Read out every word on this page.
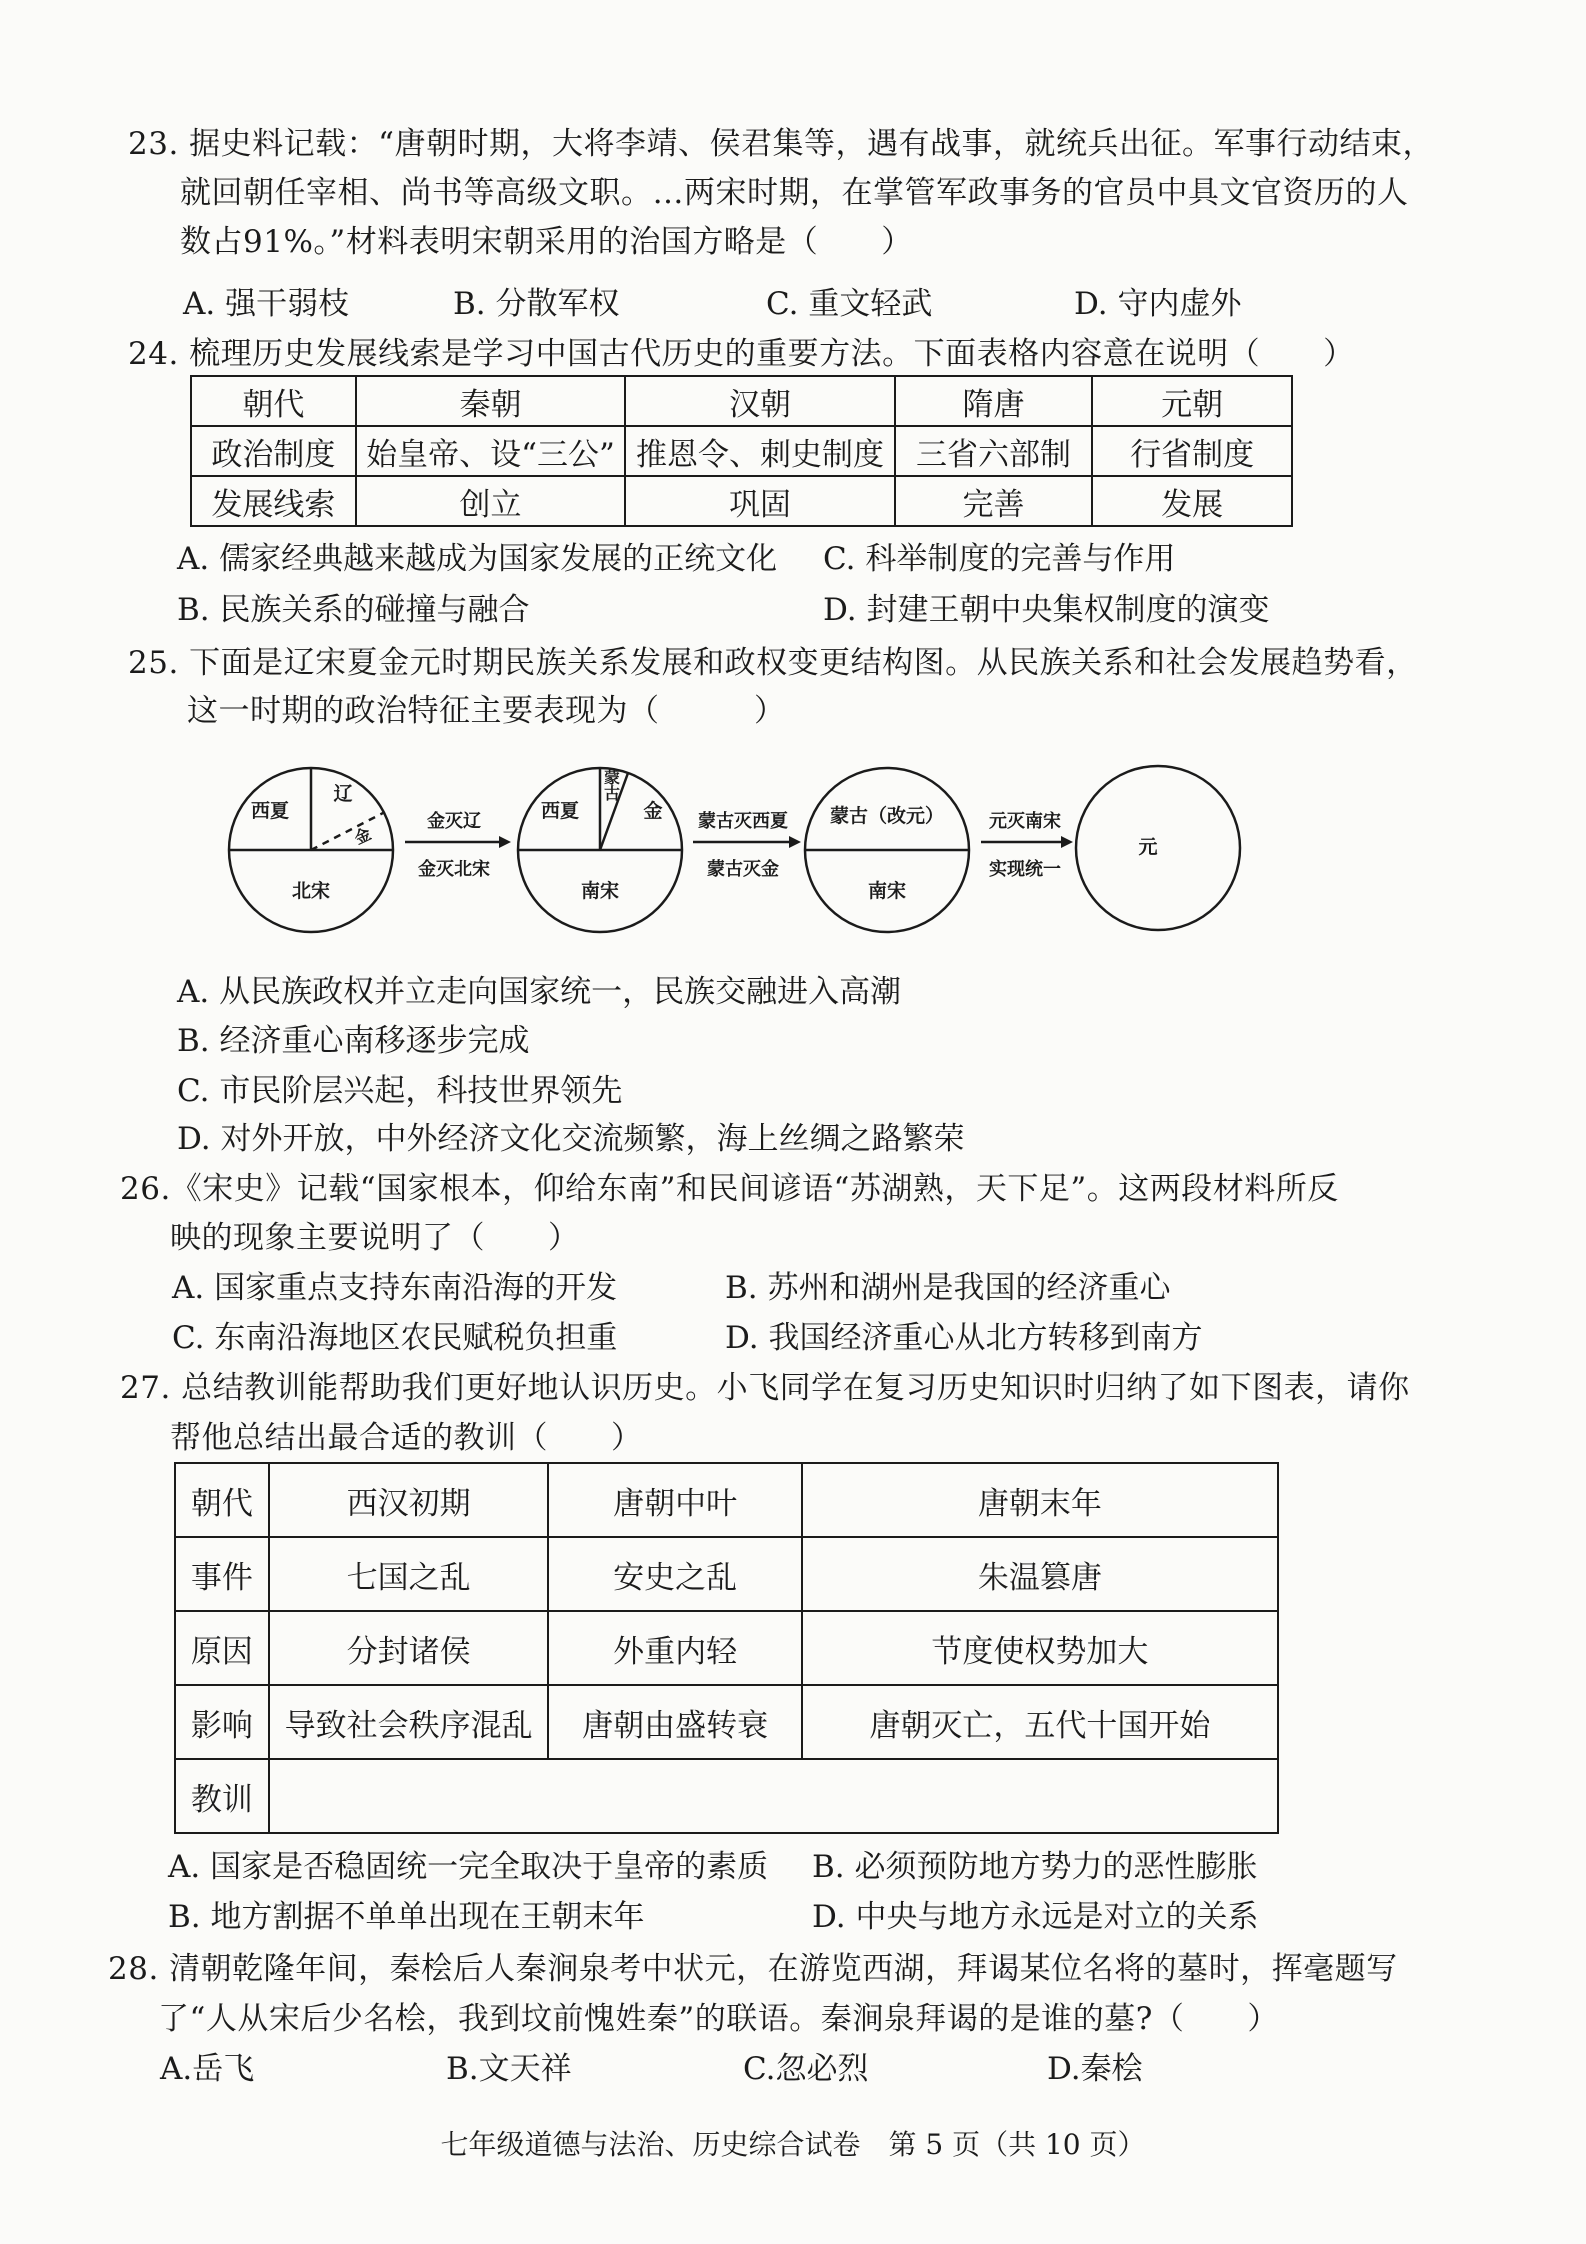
23. 据史料记载：“唐朝时期，大将李靖、侯君集等，遇有战事，就统兵出征。军事行动结束，
就回朝任宰相、尚书等高级文职。…两宋时期，在掌管军政事务的官员中具文官资历的人
数占91%。”材料表明宋朝采用的治国方略是（　　）
A. 强干弱枝	B. 分散军权	C. 重文轻武	D. 守内虚外
24. 梳理历史发展线索是学习中国古代历史的重要方法。下面表格内容意在说明（　　）
朝代	秦朝	汉朝	隋唐	元朝
政治制度	始皇帝、设“三公”	推恩令、刺史制度	三省六部制	行省制度
发展线索	创立	巩固	完善	发展
A. 儒家经典越来越成为国家发展的正统文化 C. 科举制度的完善与作用
B. 民族关系的碰撞与融合	D. 封建王朝中央集权制度的演变
25. 下面是辽宋夏金元时期民族关系发展和政权变更结构图。从民族关系和社会发展趋势看，
这一时期的政治特征主要表现为（　　　）
西夏
辽
金
北宋
金灭辽
金灭北宋
西夏
蒙古
金
南宋
蒙古灭西夏
蒙古灭金
蒙古（改元）
南宋
元灭南宋
实现统一
元
A. 从民族政权并立走向国家统一，民族交融进入高潮
B. 经济重心南移逐步完成
C. 市民阶层兴起，科技世界领先
D. 对外开放，中外经济文化交流频繁，海上丝绸之路繁荣
26.《宋史》记载“国家根本，仰给东南”和民间谚语“苏湖熟，天下足”。这两段材料所反
映的现象主要说明了（　　）
A. 国家重点支持东南沿海的开发	B. 苏州和湖州是我国的经济重心
C. 东南沿海地区农民赋税负担重	D. 我国经济重心从北方转移到南方
27. 总结教训能帮助我们更好地认识历史。小飞同学在复习历史知识时归纳了如下图表，请你
帮他总结出最合适的教训（　　）
朝代	西汉初期	唐朝中叶	唐朝末年
事件	七国之乱	安史之乱	朱温篡唐
原因	分封诸侯	外重内轻	节度使权势加大
影响	导致社会秩序混乱	唐朝由盛转衰	唐朝灭亡，五代十国开始
教训			
A. 国家是否稳固统一完全取决于皇帝的素质 B. 必须预防地方势力的恶性膨胀
B. 地方割据不单单出现在王朝末年	D. 中央与地方永远是对立的关系
28. 清朝乾隆年间，秦桧后人秦涧泉考中状元，在游览西湖，拜谒某位名将的墓时，挥毫题写
了“人从宋后少名桧，我到坟前愧姓秦”的联语。秦涧泉拜谒的是谁的墓?（　　）
A.岳飞	B.文天祥	C.忽必烈	D.秦桧
七年级道德与法治、历史综合试卷　第 5 页（共 10 页）
